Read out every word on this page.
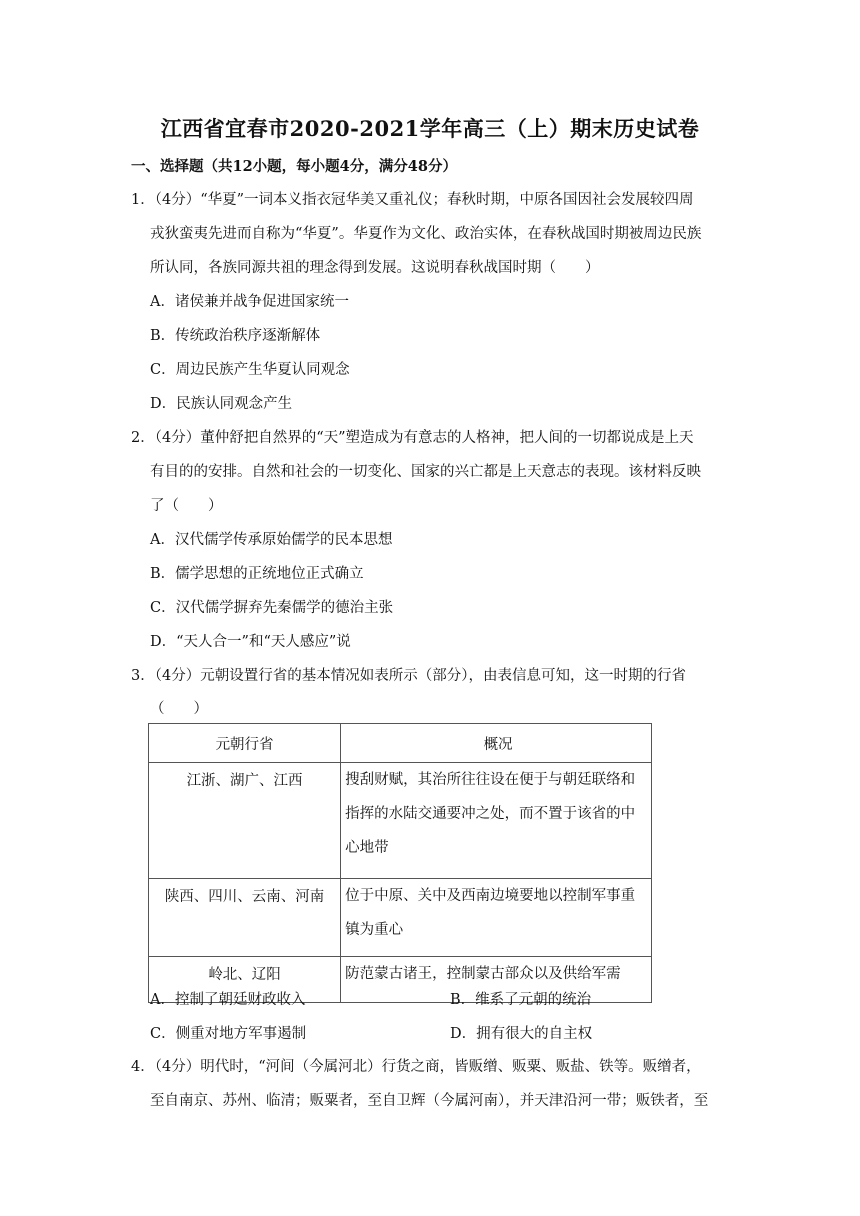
江西省宜春市2020-2021学年高三（上）期末历史试卷
一、选择题（共12小题，每小题4分，满分48分）
1．（4分）“华夏”一词本义指衣冠华美又重礼仪；春秋时期，中原各国因社会发展较四周
戎狄蛮夷先进而自称为“华夏”。华夏作为文化、政治实体，在春秋战国时期被周边民族
所认同，各族同源共祖的理念得到发展。这说明春秋战国时期（　　）
A．诸侯兼并战争促进国家统一
B．传统政治秩序逐渐解体
C．周边民族产生华夏认同观念
D．民族认同观念产生
2．（4分）董仲舒把自然界的“天”塑造成为有意志的人格神，把人间的一切都说成是上天
有目的的安排。自然和社会的一切变化、国家的兴亡都是上天意志的表现。该材料反映
了（　　）
A．汉代儒学传承原始儒学的民本思想
B．儒学思想的正统地位正式确立
C．汉代儒学摒弃先秦儒学的德治主张
D．“天人合一”和“天人感应”说
3．（4分）元朝设置行省的基本情况如表所示（部分），由表信息可知，这一时期的行省
（　　）
元朝行省	概况
江浙、湖广、江西	搜刮财赋，其治所往往设在便于与朝廷联络和
指挥的水陆交通要冲之处，而不置于该省的中
心地带

陕西、四川、云南、河南	位于中原、关中及西南边境要地以控制军事重
镇为重心

岭北、辽阳	防范蒙古诸王，控制蒙古部众以及供给军需
A．控制了朝廷财政收入	B．维系了元朝的统治
C．侧重对地方军事遏制	D．拥有很大的自主权
4．（4分）明代时，“河间（今属河北）行货之商，皆贩缯、贩粟、贩盐、铁等。贩缯者，
至自南京、苏州、临清；贩粟者，至自卫辉（今属河南），并天津沿河一带；贩铁者，至
